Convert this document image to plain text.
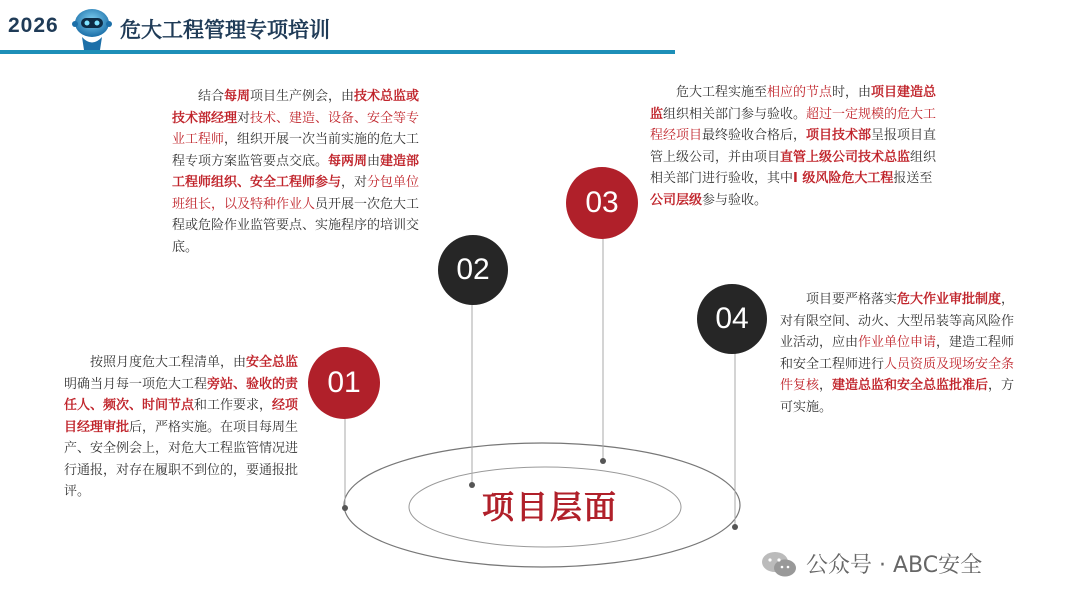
2026	危大工程管理专项培训
01
02
03
04
按照月度危大工程清单，由安全总监明确当月每一项危大工程旁站、验收的责任人、频次、时间节点和工作要求，经项目经理审批后，严格实施。在项目每周生产、安全例会上，对危大工程监管情况进行通报，对存在履职不到位的，要通报批评。
结合每周项目生产例会，由技术总监或技术部经理对技术、建造、设备、安全等专业工程师，组织开展一次当前实施的危大工程专项方案监管要点交底。每两周由建造部工程师组织、安全工程师参与，对分包单位班组长，以及特种作业人员开展一次危大工程或危险作业监管要点、实施程序的培训交底。
危大工程实施至相应的节点时，由项目建造总监组织相关部门参与验收。超过一定规模的危大工程经项目最终验收合格后，项目技术部呈报项目直管上级公司，并由项目直管上级公司技术总监组织相关部门进行验收，其中I 级风险危大工程报送至公司层级参与验收。
项目要严格落实危大作业审批制度，对有限空间、动火、大型吊装等高风险作业活动，应由作业单位申请，建造工程师和安全工程师进行人员资质及现场安全条件复核，建造总监和安全总监批准后，方可实施。
项目层面
公众号 · ABC安全
